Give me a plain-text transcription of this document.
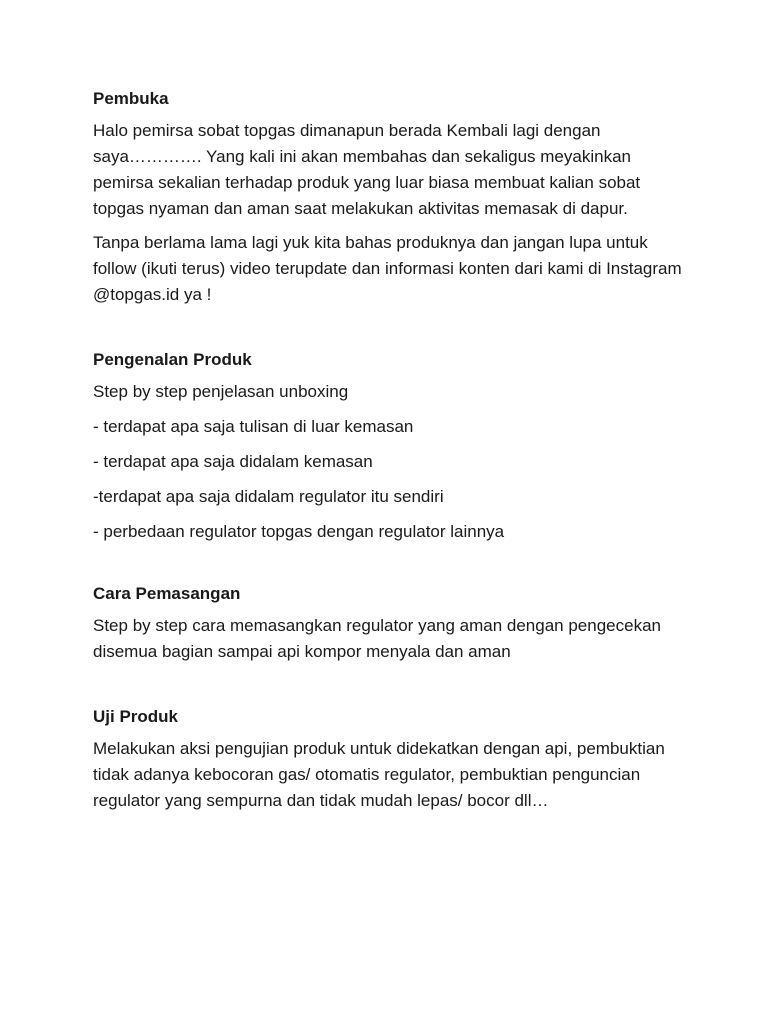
Pembuka

Halo pemirsa sobat topgas dimanapun berada Kembali lagi dengan saya…………. Yang kali ini akan membahas dan sekaligus meyakinkan pemirsa sekalian terhadap produk yang luar biasa membuat kalian sobat topgas nyaman dan aman saat melakukan aktivitas memasak di dapur.

Tanpa berlama lama lagi yuk kita bahas produknya dan jangan lupa untuk follow (ikuti terus) video terupdate dan informasi konten dari kami di Instagram @topgas.id ya !

Pengenalan Produk

Step by step penjelasan unboxing

- terdapat apa saja tulisan di luar kemasan

- terdapat apa saja didalam kemasan

-terdapat apa saja didalam regulator itu sendiri

- perbedaan regulator topgas dengan regulator lainnya

Cara Pemasangan

Step by step cara memasangkan regulator yang aman dengan pengecekan disemua bagian sampai api kompor menyala dan aman

Uji Produk

Melakukan aksi pengujian produk untuk didekatkan dengan api, pembuktian tidak adanya kebocoran gas/ otomatis regulator, pembuktian penguncian regulator yang sempurna dan tidak mudah lepas/ bocor dll…
